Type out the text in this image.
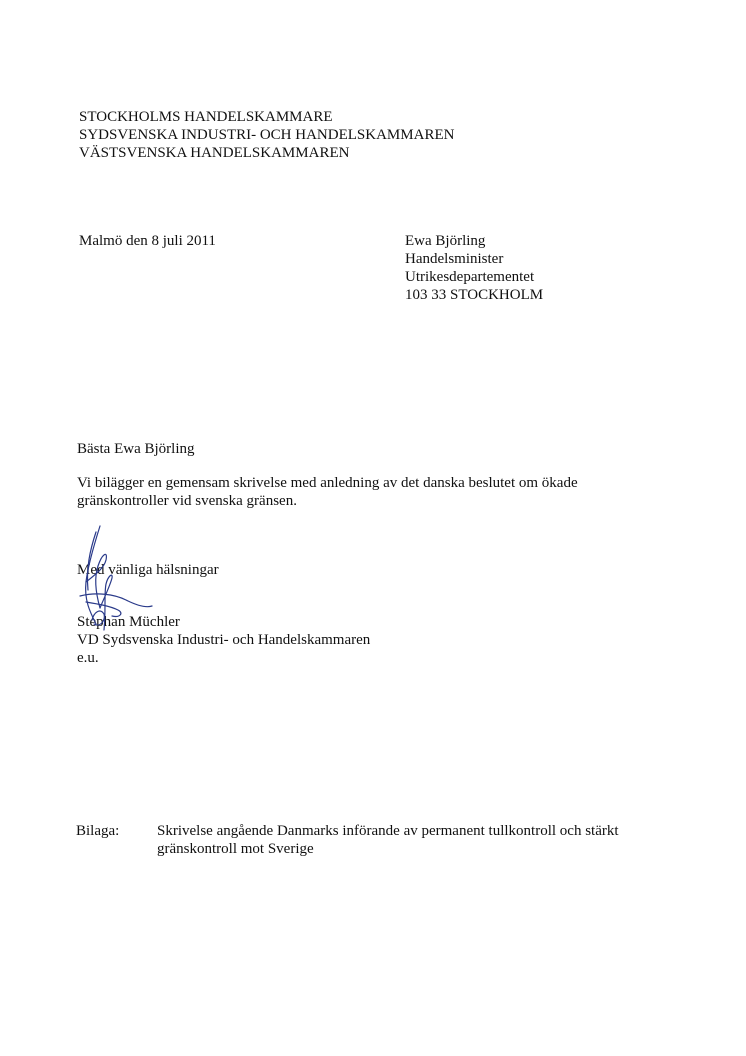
STOCKHOLMS HANDELSKAMMARE
SYDSVENSKA INDUSTRI- OCH HANDELSKAMMAREN
VÄSTSVENSKA HANDELSKAMMAREN
Malmö den 8 juli 2011	Ewa Björling
Handelsminister
Utrikesdepartementet
103 33 STOCKHOLM
Bästa Ewa Björling
Vi bilägger en gemensam skrivelse med anledning av det danska beslutet om ökade
gränskontroller vid svenska gränsen.
Med vänliga hälsningar
Stephan Müchler
VD Sydsvenska Industri- och Handelskammaren
e.u.
Bilaga:	Skrivelse angående Danmarks införande av permanent tullkontroll och stärkt
gränskontroll mot Sverige
